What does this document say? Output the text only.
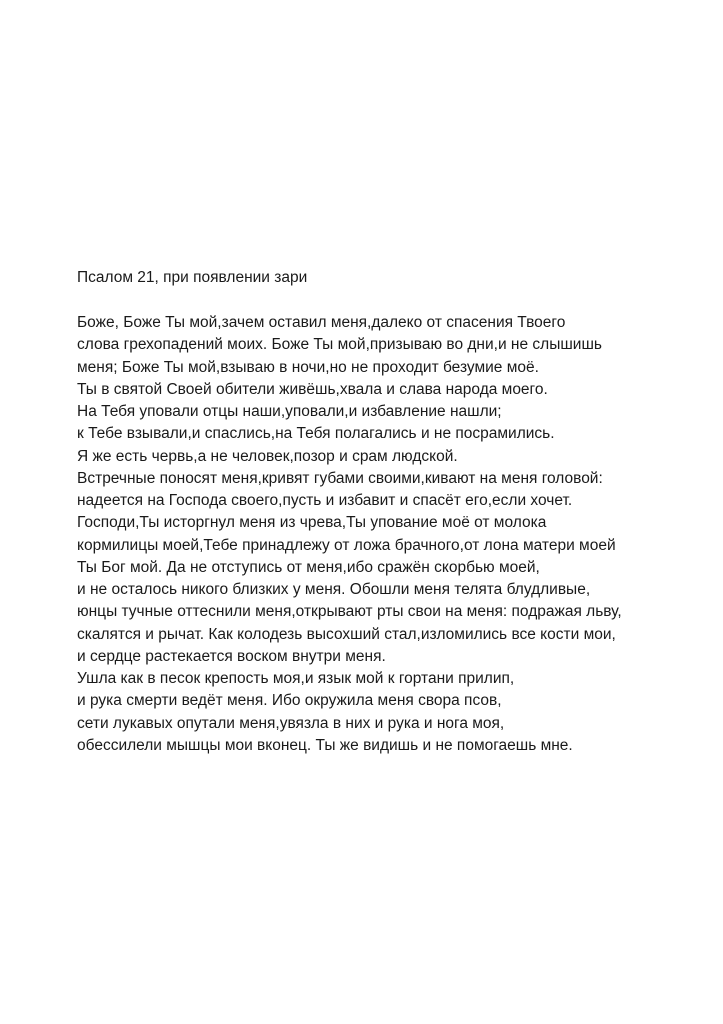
Псалом 21, при появлении зари
Боже, Боже Ты мой,зачем оставил меня,далеко от спасения Твоего
слова грехопадений моих. Боже Ты мой,призываю во дни,и не слышишь
меня; Боже Ты мой,взываю в ночи,но не проходит безумие моё.
Ты в святой Своей обители живёшь,хвала и слава народа моего.
На Тебя уповали отцы наши,уповали,и избавление нашли;
к Тебе взывали,и спаслись,на Тебя полагались и не посрамились.
Я же есть червь,а не человек,позор и срам людской.
Встречные поносят меня,кривят губами своими,кивают на меня головой:
надеется на Господа своего,пусть и избавит и спасёт его,если хочет.
Господи,Ты исторгнул меня из чрева,Ты упование моё от молока
кормилицы моей,Тебе принадлежу от ложа брачного,от лона матери моей
Ты Бог мой. Да не отступись от меня,ибо сражён скорбью моей,
и не осталось никого близких у меня. Обошли меня телята блудливые,
юнцы тучные оттеснили меня,открывают рты свои на меня: подражая льву,
скалятся и рычат. Как колодезь высохший стал,изломились все кости мои,
и сердце растекается воском внутри меня.
Ушла как в песок крепость моя,и язык мой к гортани прилип,
и рука смерти ведёт меня. Ибо окружила меня свора псов,
сети лукавых опутали меня,увязла в них и рука и нога моя,
обессилели мышцы мои вконец. Ты же видишь и не помогаешь мне.
